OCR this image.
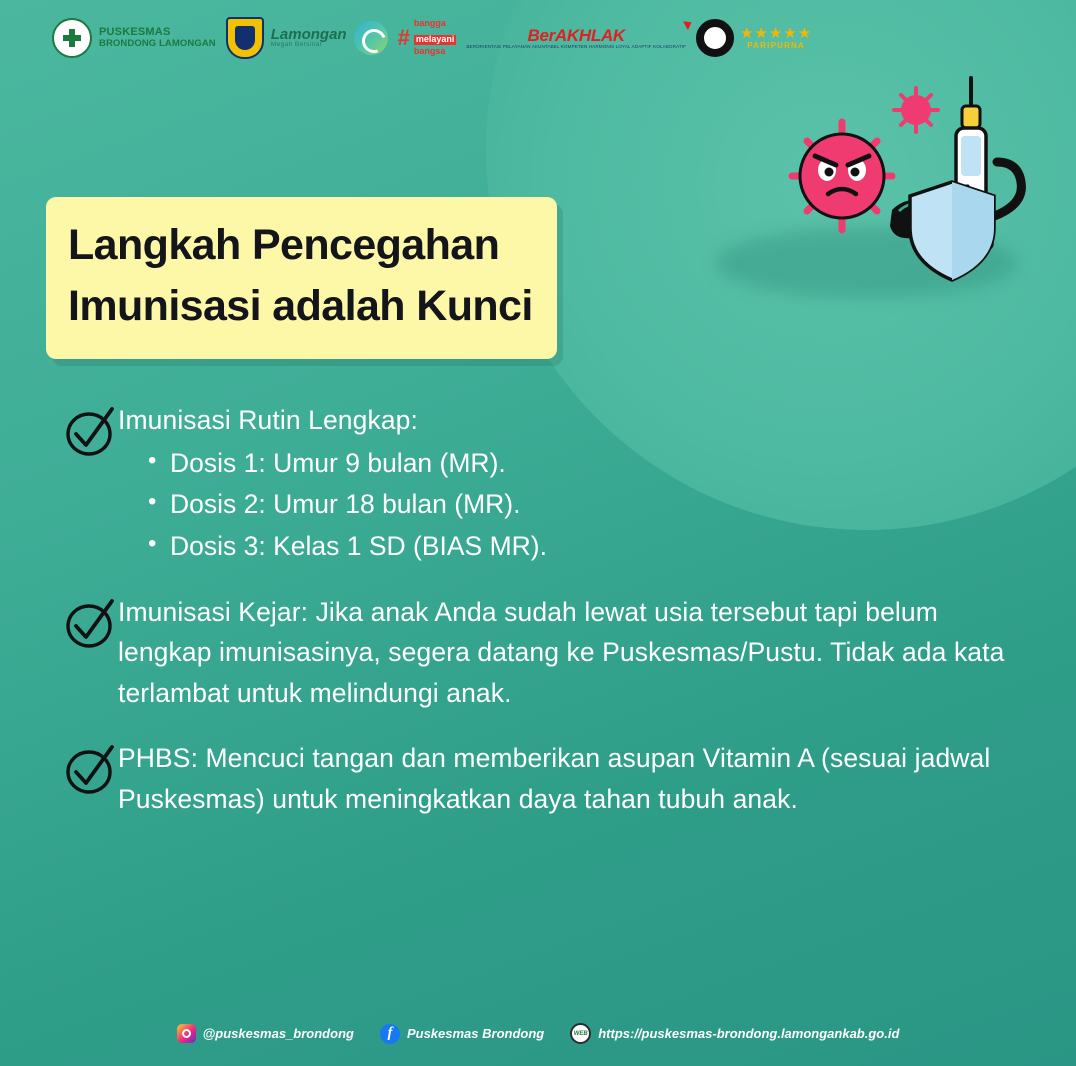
PUSKESMAS
BRONDONG LAMONGAN
Lamongan
Megah Bersinar	#
bangga
melayani
bangsa
BerAKHLAK
BERORIENTASI PELAYANAN AKUNTABEL KOMPETEN HARMONIS LOYAL ADAPTIF KOLABORATIF
★★★★★
PARIPURNA
Langkah Pencegahan
Imunisasi adalah Kunci
Imunisasi Rutin Lengkap:
• Dosis 1: Umur 9 bulan (MR).
• Dosis 2: Umur 18 bulan (MR).
• Dosis 3: Kelas 1 SD (BIAS MR).
Imunisasi Kejar: Jika anak Anda sudah lewat usia tersebut tapi belum lengkap imunisasinya, segera datang ke Puskesmas/Pustu. Tidak ada kata terlambat untuk melindungi anak.
PHBS: Mencuci tangan dan memberikan asupan Vitamin A (sesuai jadwal Puskesmas) untuk meningkatkan daya tahan tubuh anak.
@puskesmas_brondong	f	Puskesmas Brondong	WEB https://puskesmas-brondong.lamongankab.go.id
